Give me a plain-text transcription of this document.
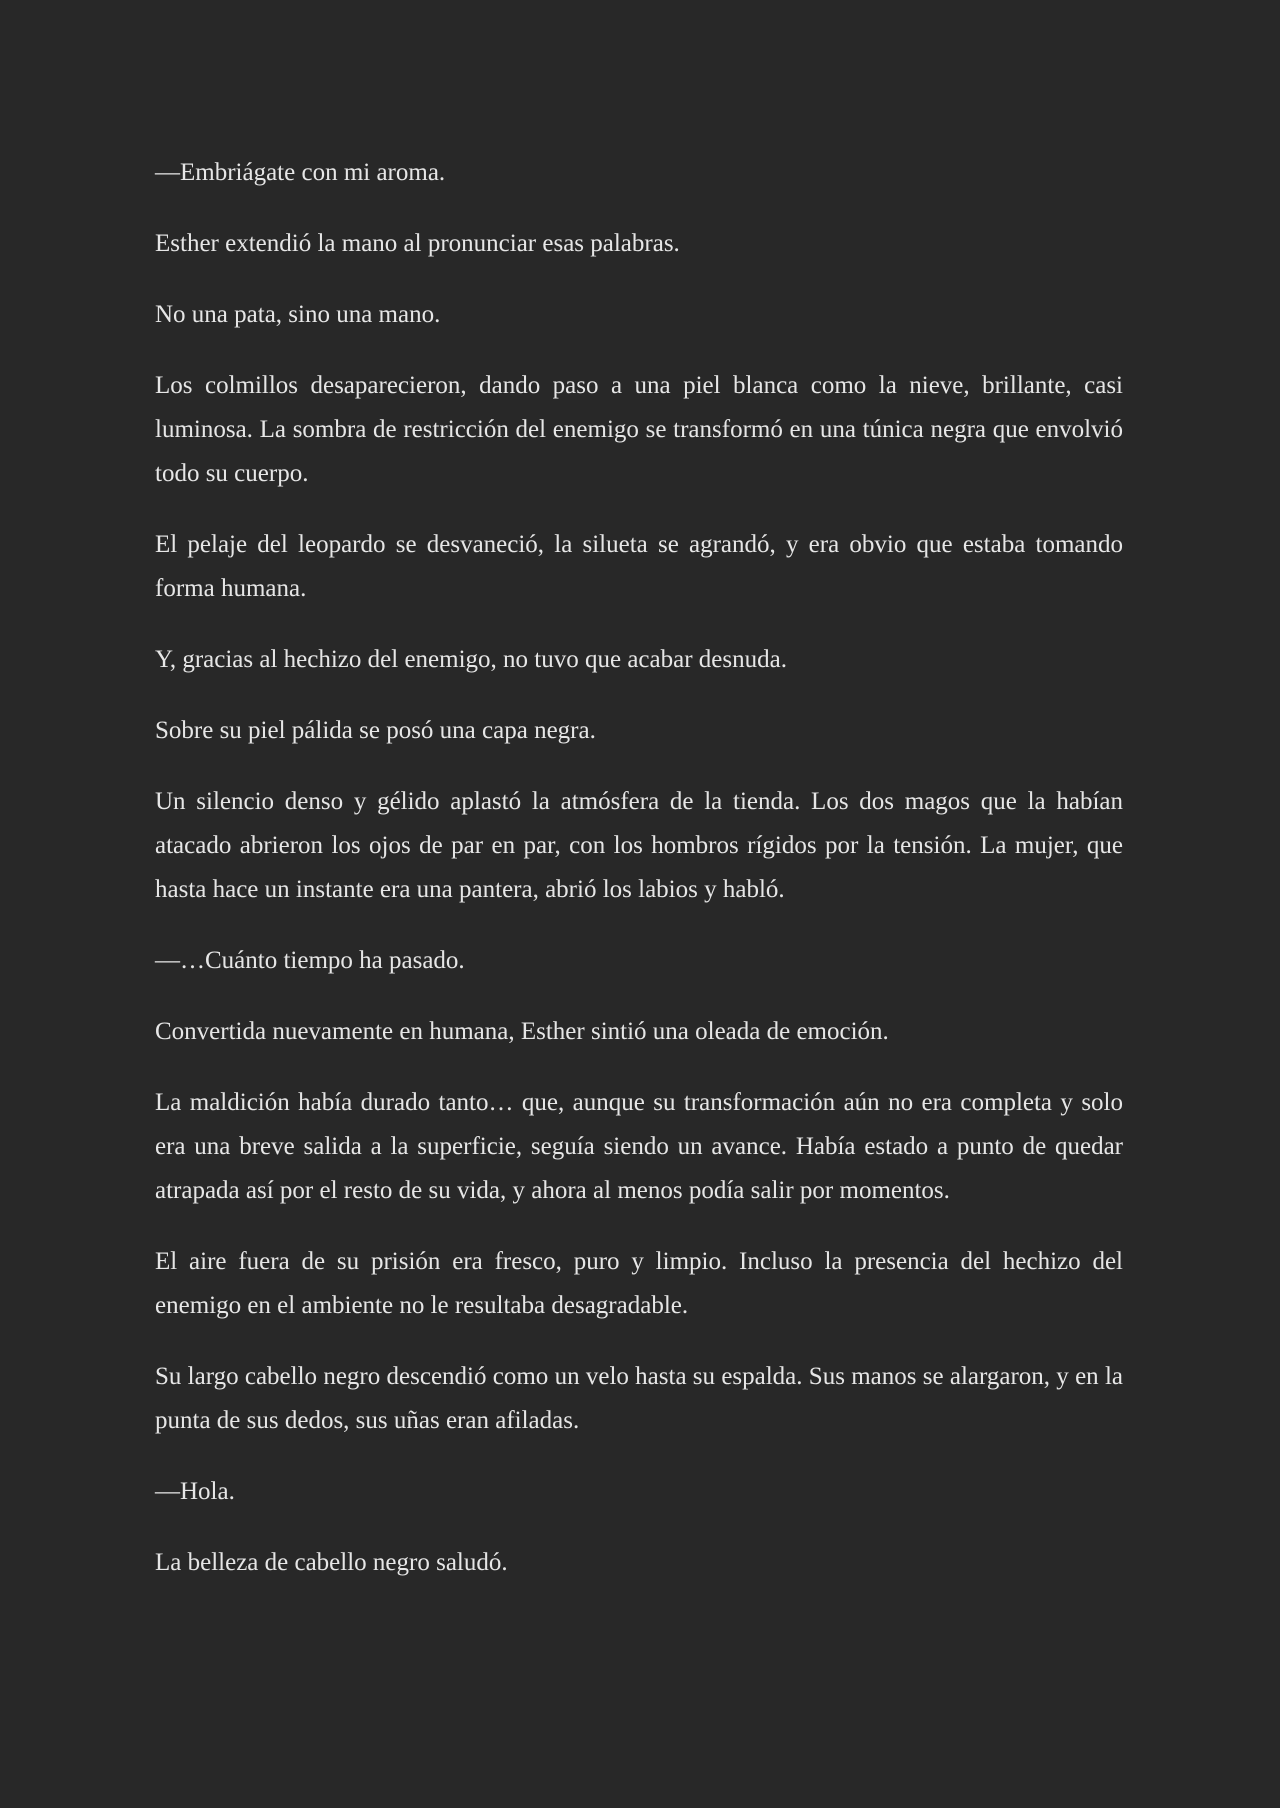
—Embriágate con mi aroma.

Esther extendió la mano al pronunciar esas palabras.

No una pata, sino una mano.

Los colmillos desaparecieron, dando paso a una piel blanca como la nieve, brillante, casi luminosa. La sombra de restricción del enemigo se transformó en una túnica negra que envolvió todo su cuerpo.

El pelaje del leopardo se desvaneció, la silueta se agrandó, y era obvio que estaba tomando forma humana.

Y, gracias al hechizo del enemigo, no tuvo que acabar desnuda.

Sobre su piel pálida se posó una capa negra.

Un silencio denso y gélido aplastó la atmósfera de la tienda. Los dos magos que la habían atacado abrieron los ojos de par en par, con los hombros rígidos por la tensión. La mujer, que hasta hace un instante era una pantera, abrió los labios y habló.

—…Cuánto tiempo ha pasado.

Convertida nuevamente en humana, Esther sintió una oleada de emoción.

La maldición había durado tanto… que, aunque su transformación aún no era completa y solo era una breve salida a la superficie, seguía siendo un avance. Había estado a punto de quedar atrapada así por el resto de su vida, y ahora al menos podía salir por momentos.

El aire fuera de su prisión era fresco, puro y limpio. Incluso la presencia del hechizo del enemigo en el ambiente no le resultaba desagradable.

Su largo cabello negro descendió como un velo hasta su espalda. Sus manos se alargaron, y en la punta de sus dedos, sus uñas eran afiladas.

—Hola.

La belleza de cabello negro saludó.
